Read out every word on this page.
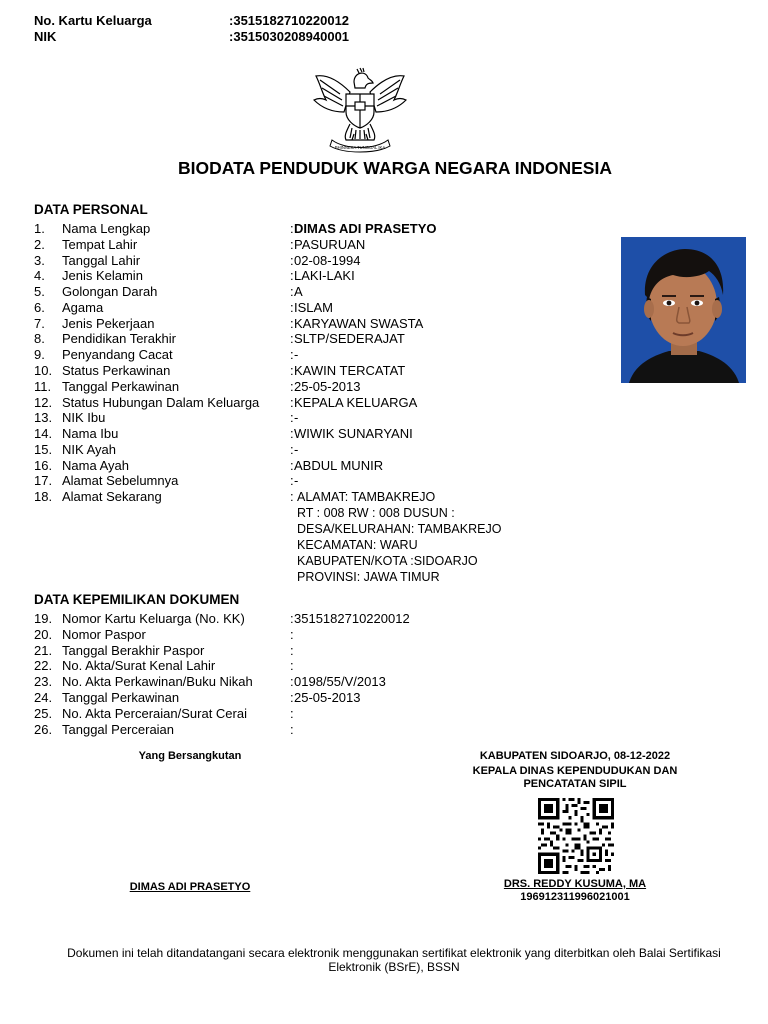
No. Kartu Keluarga	:3515182710220012
NIK	:3515030208940001
BHINNEKA TUNGGAL IKA
BIODATA PENDUDUK WARGA NEGARA INDONESIA
DATA PERSONAL
1. Nama Lengkap	: DIMAS ADI PRASETYO
2. Tempat Lahir	: PASURUAN
3. Tanggal Lahir	: 02-08-1994
4. Jenis Kelamin	: LAKI-LAKI
5. Golongan Darah	: A
6. Agama	: ISLAM
7. Jenis Pekerjaan	: KARYAWAN SWASTA
8. Pendidikan Terakhir	: SLTP/SEDERAJAT
9. Penyandang Cacat	: -
10. Status Perkawinan	: KAWIN TERCATAT
11. Tanggal Perkawinan	: 25-05-2013
12. Status Hubungan Dalam Keluarga : KEPALA KELUARGA
13. NIK Ibu	: -
14. Nama Ibu	: WIWIK SUNARYANI
15. NIK Ayah	: -
16. Nama Ayah	: ABDUL MUNIR
17. Alamat Sebelumnya	: -
18. Alamat Sekarang	: ALAMAT: TAMBAKREJO
RT : 008 RW : 008 DUSUN :
DESA/KELURAHAN: TAMBAKREJO
KECAMATAN: WARU
KABUPATEN/KOTA :SIDOARJO
PROVINSI: JAWA TIMUR
DATA KEPEMILIKAN DOKUMEN
19. Nomor Kartu Keluarga (No. KK)	: 3515182710220012
20. Nomor Paspor	:
21. Tanggal Berakhir Paspor	:
22. No. Akta/Surat Kenal Lahir	:
23. No. Akta Perkawinan/Buku Nikah	: 0198/55/V/2013
24. Tanggal Perkawinan	: 25-05-2013
25. No. Akta Perceraian/Surat Cerai	:
26. Tanggal Perceraian	:
Yang Bersangkutan
DIMAS ADI PRASETYO
KABUPATEN SIDOARJO, 08-12-2022
KEPALA DINAS KEPENDUDUKAN DAN
PENCATATAN SIPIL
DRS. REDDY KUSUMA, MA
196912311996021001
Dokumen ini telah ditandatangani secara elektronik menggunakan sertifikat elektronik yang diterbitkan oleh Balai Sertifikasi
Elektronik (BSrE), BSSN
